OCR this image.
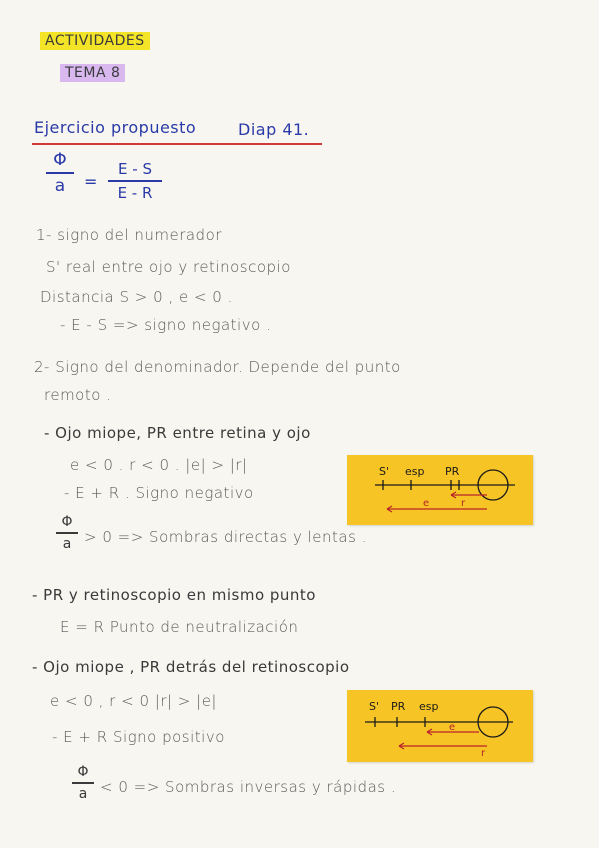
ACTIVIDADES
TEMA 8
Ejercicio propuesto	Diap 41.
Φ
a	=
E - S
E - R
1- signo del numerador
S' real entre ojo y retinoscopio
Distancia S > 0 , e < 0 .
- E - S => signo negativo .
2- Signo del denominador. Depende del punto
remoto .
- Ojo miope, PR entre retina y ojo
e < 0 . r < 0 . |e| > |r|
- E + R . Signo negativo
Φ
a > 0 => Sombras directas y lentas .
S' esp PR
r
e
- PR y retinoscopio en mismo punto
E = R Punto de neutralización
- Ojo miope , PR detrás del retinoscopio
e < 0 , r < 0 |r| > |e|
- E + R Signo positivo
Φ
a < 0 => Sombras inversas y rápidas .
S' PR esp
e
r
